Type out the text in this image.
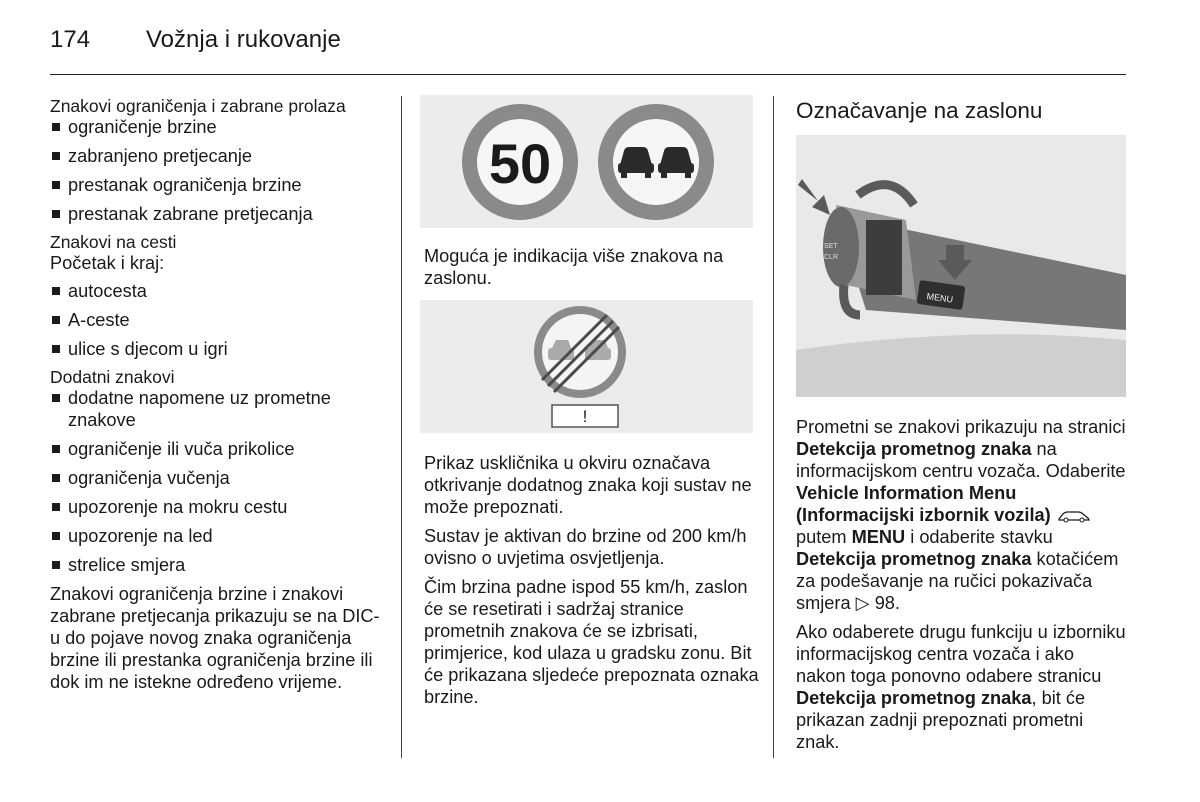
174 Vožnja i rukovanje
Znakovi ograničenja i zabrane prolaza
ograničenje brzine
zabranjeno pretjecanje
prestanak ograničenja brzine
prestanak zabrane pretjecanja
Znakovi na cesti
Početak i kraj:
autocesta
A-ceste
ulice s djecom u igri
Dodatni znakovi
dodatne napomene uz prometne znakove
ograničenje ili vuča prikolice
ograničenja vučenja
upozorenje na mokru cestu
upozorenje na led
strelice smjera

Znakovi ograničenja brzine i znakovi zabrane pretjecanja prikazuju se na DIC-u do pojave novog znaka ograničenja brzine ili prestanka ograničenja brzine ili dok im ne istekne određeno vrijeme.

50

Moguća je indikacija više znakova na zaslonu.

!

Prikaz uskličnika u okviru označava otkrivanje dodatnog znaka koji sustav ne može prepoznati.

Sustav je aktivan do brzine od 200 km/h ovisno o uvjetima osvjetljenja.

Čim brzina padne ispod 55 km/h, zaslon će se resetirati i sadržaj stranice prometnih znakova će se izbrisati, primjerice, kod ulaza u gradsku zonu. Bit će prikazana sljedeće prepoznata oznaka brzine.

Označavanje na zaslonu
MENU
SET
CLR

Prometni se znakovi prikazuju na stranici Detekcija prometnog znaka na informacijskom centru vozača. Odaberite Vehicle Information Menu (Informacijski izbornik vozila)  putem MENU i odaberite stavku Detekcija prometnog znaka kotačićem za podešavanje na ručici pokazivača smjera ▷ 98.

Ako odaberete drugu funkciju u izborniku informacijskog centra vozača i ako nakon toga ponovno odabere stranicu Detekcija prometnog znaka, bit će prikazan zadnji prepoznati prometni znak.
